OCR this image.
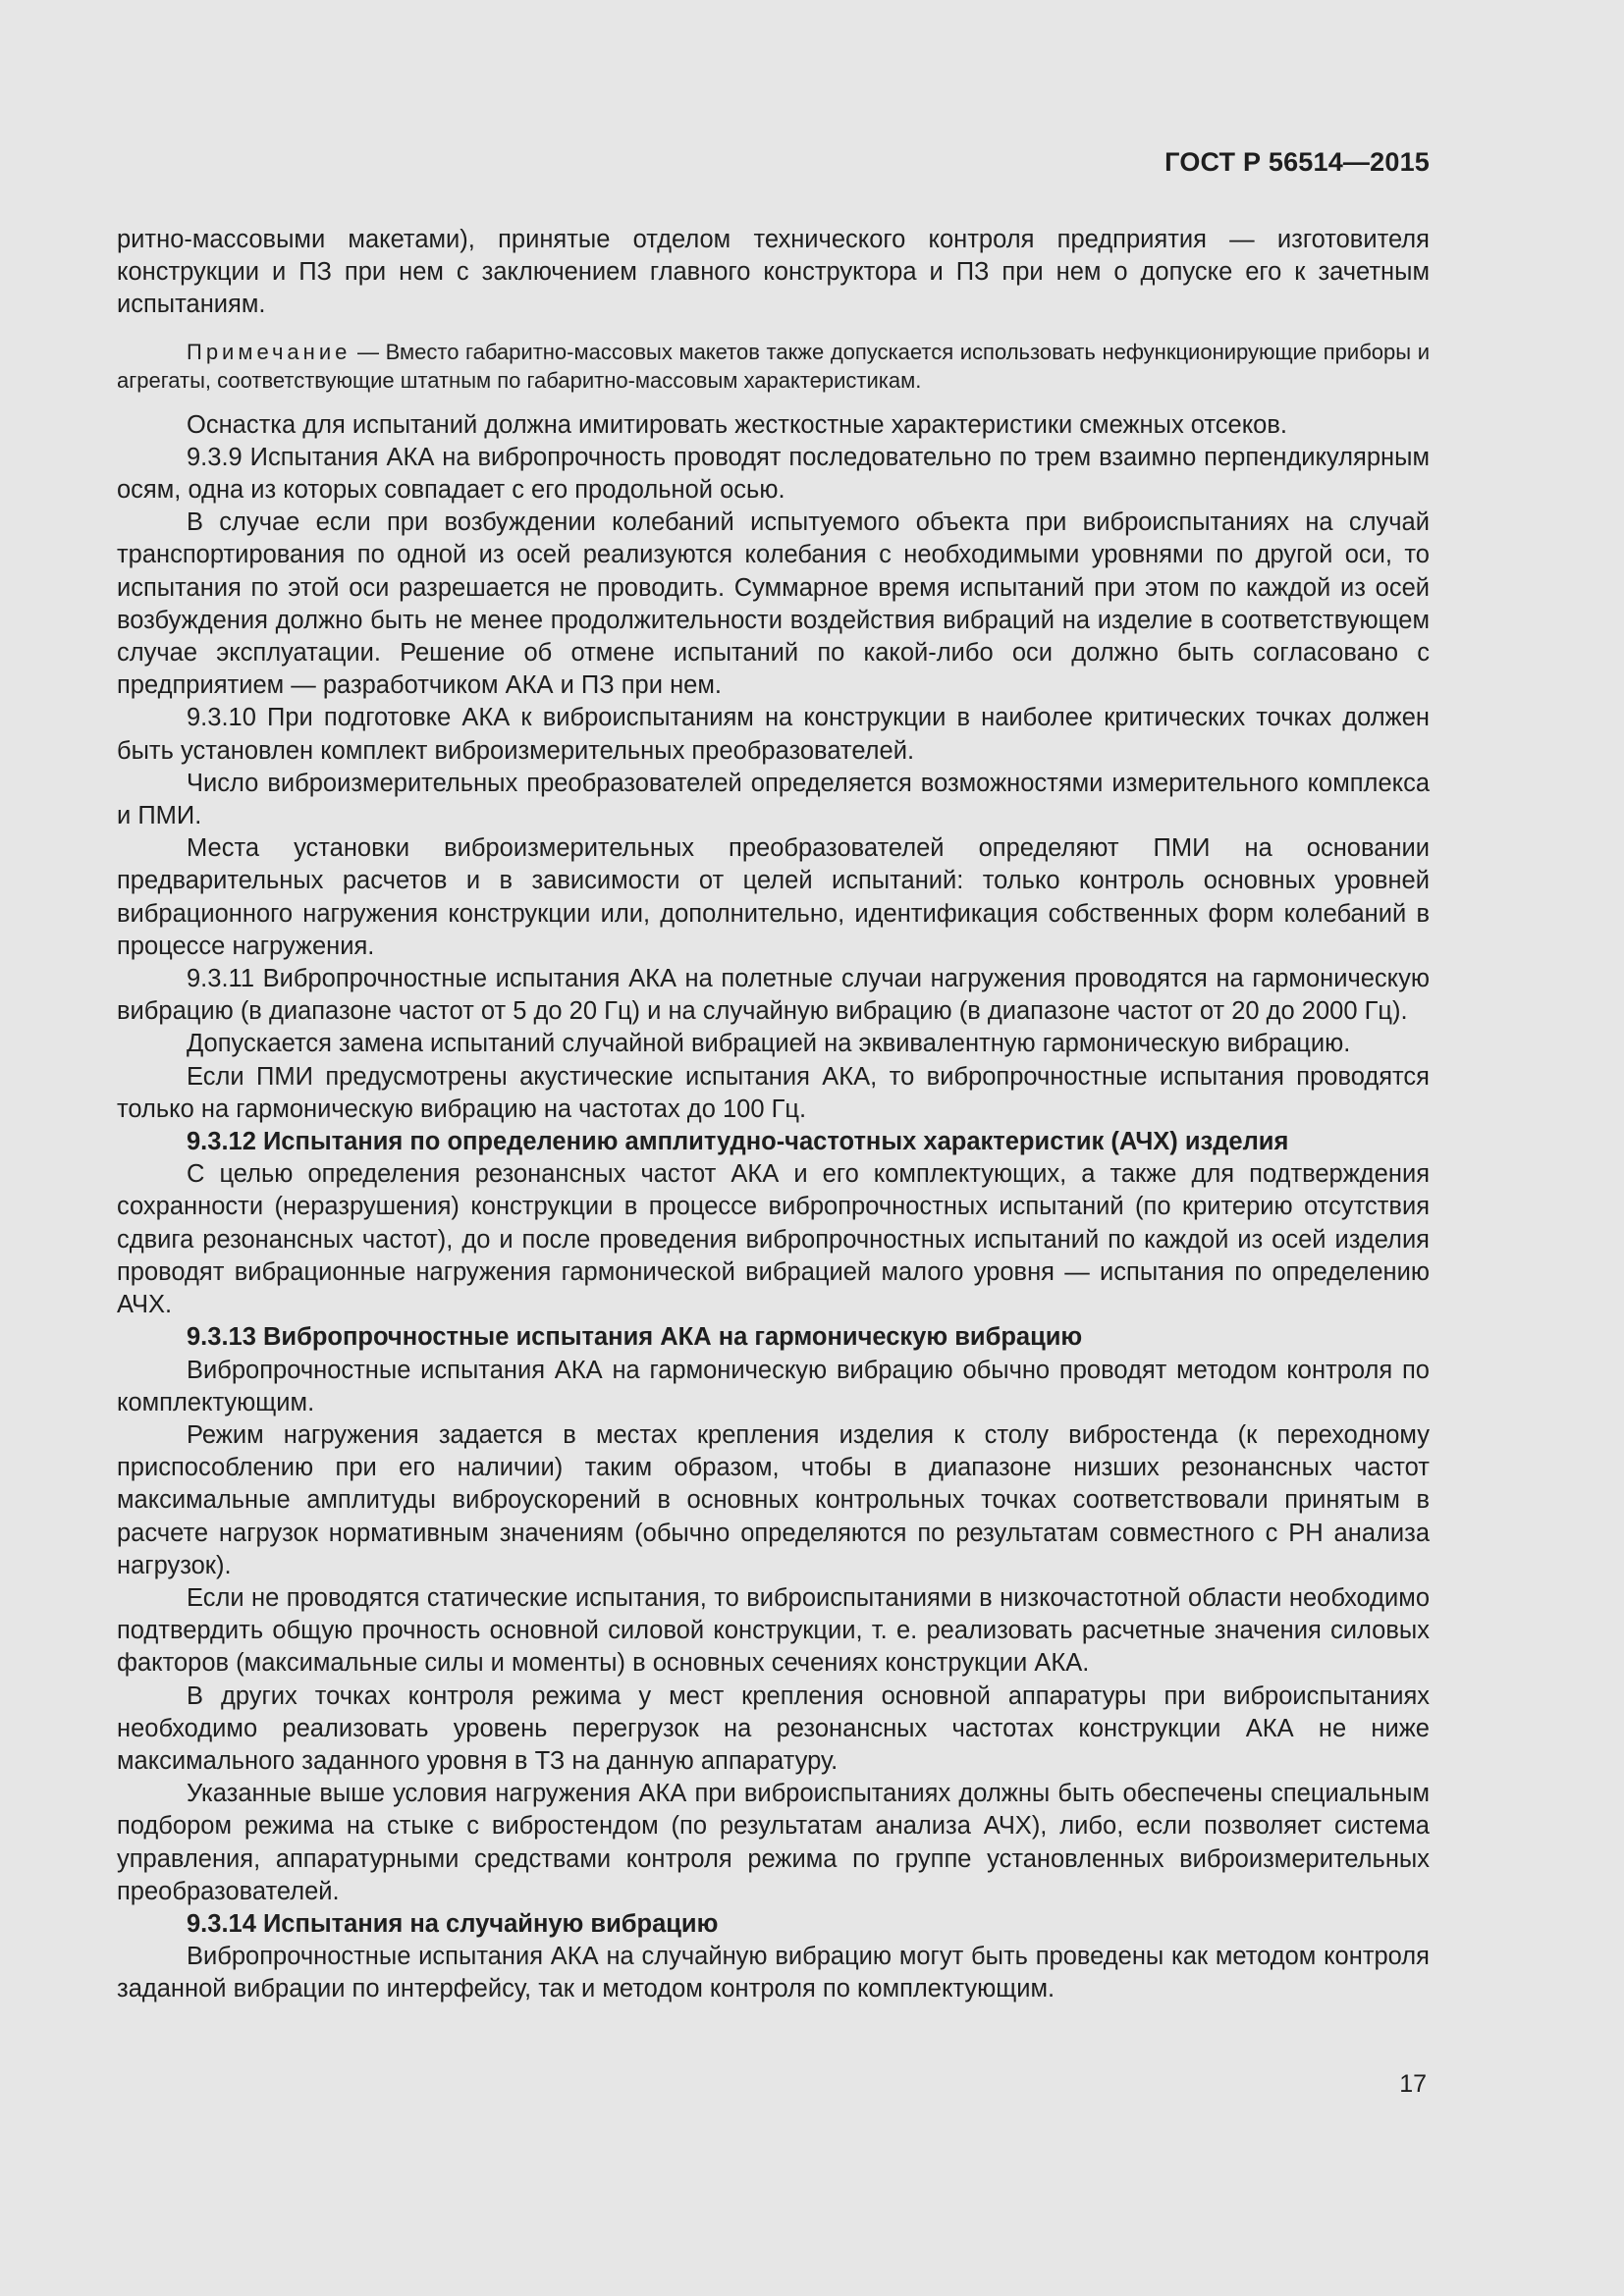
ГОСТ Р 56514—2015

ритно-массовыми макетами), принятые отделом технического контроля предприятия — изготовителя конструкции и ПЗ при нем с заключением главного конструктора и ПЗ при нем о допуске его к зачетным испытаниям.

Примечание — Вместо габаритно-массовых макетов также допускается использовать нефункционирующие приборы и агрегаты, соответствующие штатным по габаритно-массовым характеристикам.

Оснастка для испытаний должна имитировать жесткостные характеристики смежных отсеков.

9.3.9 Испытания АКА на вибропрочность проводят последовательно по трем взаимно перпендикулярным осям, одна из которых совпадает с его продольной осью.

В случае если при возбуждении колебаний испытуемого объекта при виброиспытаниях на случай транспортирования по одной из осей реализуются колебания с необходимыми уровнями по другой оси, то испытания по этой оси разрешается не проводить. Суммарное время испытаний при этом по каждой из осей возбуждения должно быть не менее продолжительности воздействия вибраций на изделие в соответствующем случае эксплуатации. Решение об отмене испытаний по какой-либо оси должно быть согласовано с предприятием — разработчиком АКА и ПЗ при нем.

9.3.10 При подготовке АКА к виброиспытаниям на конструкции в наиболее критических точках должен быть установлен комплект виброизмерительных преобразователей.

Число виброизмерительных преобразователей определяется возможностями измерительного комплекса и ПМИ.

Места установки виброизмерительных преобразователей определяют ПМИ на основании предварительных расчетов и в зависимости от целей испытаний: только контроль основных уровней вибрационного нагружения конструкции или, дополнительно, идентификация собственных форм колебаний в процессе нагружения.

9.3.11 Вибропрочностные испытания АКА на полетные случаи нагружения проводятся на гармоническую вибрацию (в диапазоне частот от 5 до 20 Гц) и на случайную вибрацию (в диапазоне частот от 20 до 2000 Гц).

Допускается замена испытаний случайной вибрацией на эквивалентную гармоническую вибрацию.

Если ПМИ предусмотрены акустические испытания АКА, то вибропрочностные испытания проводятся только на гармоническую вибрацию на частотах до 100 Гц.

9.3.12 Испытания по определению амплитудно-частотных характеристик (АЧХ) изделия

С целью определения резонансных частот АКА и его комплектующих, а также для подтверждения сохранности (неразрушения) конструкции в процессе вибропрочностных испытаний (по критерию отсутствия сдвига резонансных частот), до и после проведения вибропрочностных испытаний по каждой из осей изделия проводят вибрационные нагружения гармонической вибрацией малого уровня — испытания по определению АЧХ.

9.3.13 Вибропрочностные испытания АКА на гармоническую вибрацию

Вибропрочностные испытания АКА на гармоническую вибрацию обычно проводят методом контроля по комплектующим.

Режим нагружения задается в местах крепления изделия к столу вибростенда (к переходному приспособлению при его наличии) таким образом, чтобы в диапазоне низших резонансных частот максимальные амплитуды виброускорений в основных контрольных точках соответствовали принятым в расчете нагрузок нормативным значениям (обычно определяются по результатам совместного с РН анализа нагрузок).

Если не проводятся статические испытания, то виброиспытаниями в низкочастотной области необходимо подтвердить общую прочность основной силовой конструкции, т. е. реализовать расчетные значения силовых факторов (максимальные силы и моменты) в основных сечениях конструкции АКА.

В других точках контроля режима у мест крепления основной аппаратуры при виброиспытаниях необходимо реализовать уровень перегрузок на резонансных частотах конструкции АКА не ниже максимального заданного уровня в ТЗ на данную аппаратуру.

Указанные выше условия нагружения АКА при виброиспытаниях должны быть обеспечены специальным подбором режима на стыке с вибростендом (по результатам анализа АЧХ), либо, если позволяет система управления, аппаратурными средствами контроля режима по группе установленных виброизмерительных преобразователей.

9.3.14 Испытания на случайную вибрацию

Вибропрочностные испытания АКА на случайную вибрацию могут быть проведены как методом контроля заданной вибрации по интерфейсу, так и методом контроля по комплектующим.

17
